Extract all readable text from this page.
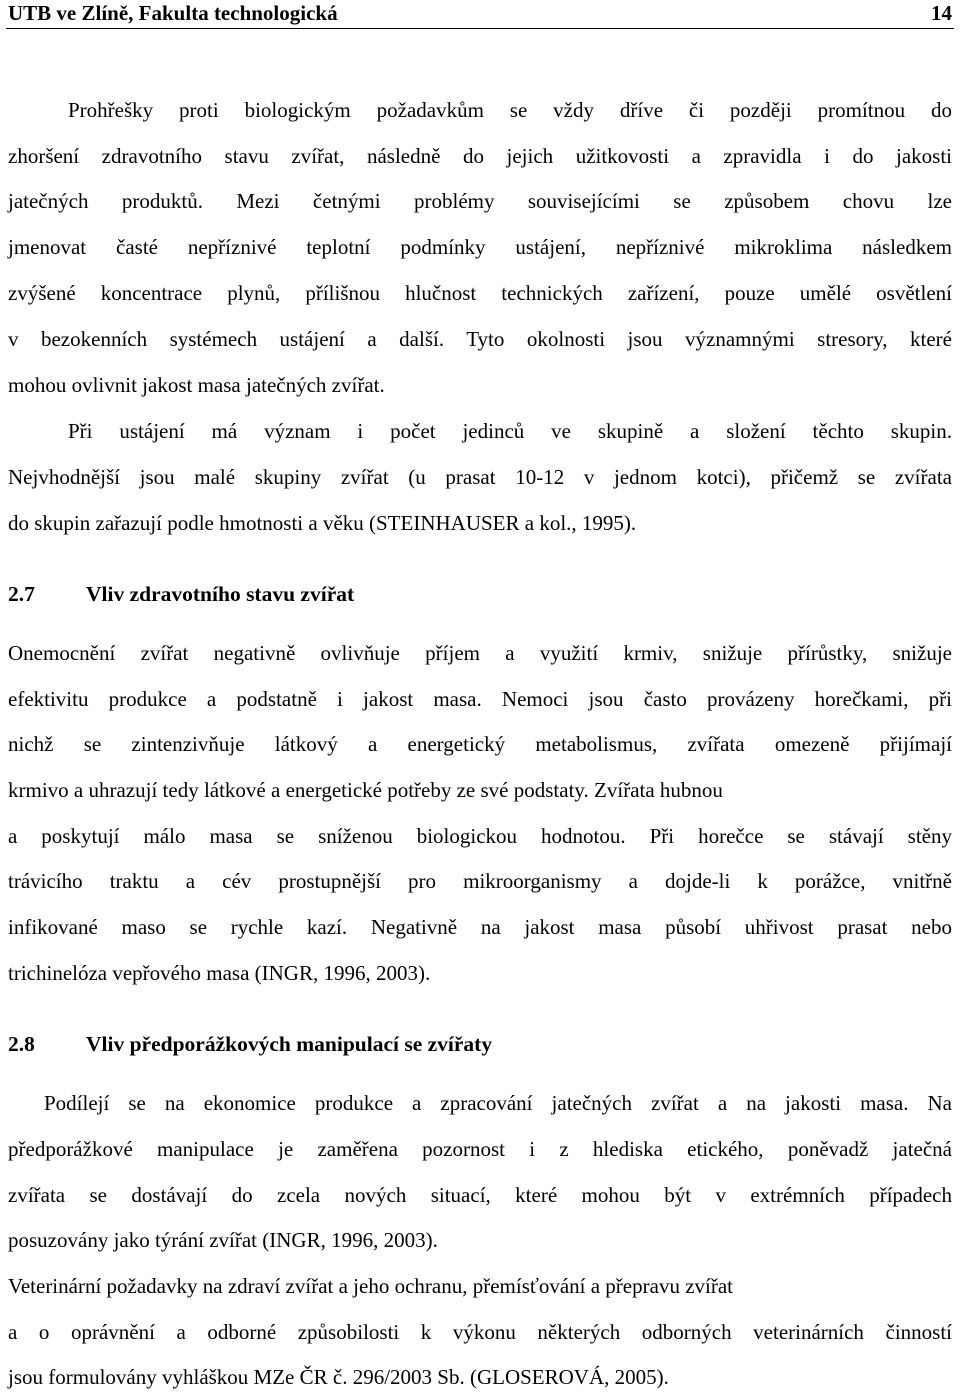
UTB ve Zlíně, Fakulta technologická	14
Prohřešky proti biologickým požadavkům se vždy dříve či později promítnou do
zhoršení zdravotního stavu zvířat, následně do jejich užitkovosti a zpravidla i do jakosti
jatečných produktů. Mezi četnými problémy souvisejícími se způsobem chovu lze
jmenovat časté nepříznivé teplotní podmínky ustájení, nepříznivé mikroklima následkem
zvýšené koncentrace plynů, přílišnou hlučnost technických zařízení, pouze umělé osvětlení
v bezokenních systémech ustájení a další. Tyto okolnosti jsou významnými stresory, které
mohou ovlivnit jakost masa jatečných zvířat.
Při ustájení má význam i počet jedinců ve skupině a složení těchto skupin.
Nejvhodnější jsou malé skupiny zvířat (u prasat 10-12 v jednom kotci), přičemž se zvířata
do skupin zařazují podle hmotnosti a věku (STEINHAUSER a kol., 1995).
2.7 Vliv zdravotního stavu zvířat
Onemocnění zvířat negativně ovlivňuje příjem a využití krmiv, snižuje přírůstky, snižuje
efektivitu produkce a podstatně i jakost masa. Nemoci jsou často provázeny horečkami, při
nichž se zintenzivňuje látkový a energetický metabolismus, zvířata omezeně přijímají
krmivo a uhrazují tedy látkové a energetické potřeby ze své podstaty. Zvířata hubnou
a poskytují málo masa se sníženou biologickou hodnotou. Při horečce se stávají stěny
trávicího traktu a cév prostupnější pro mikroorganismy a dojde-li k porážce, vnitřně
infikované maso se rychle kazí. Negativně na jakost masa působí uhřivost prasat nebo
trichinelóza vepřového masa (INGR, 1996, 2003).
2.8 Vliv předporážkových manipulací se zvířaty
Podílejí se na ekonomice produkce a zpracování jatečných zvířat a na jakosti masa. Na
předporážkové manipulace je zaměřena pozornost i z hlediska etického, poněvadž jatečná
zvířata se dostávají do zcela nových situací, které mohou být v extrémních případech
posuzovány jako týrání zvířat (INGR, 1996, 2003).
Veterinární požadavky na zdraví zvířat a jeho ochranu, přemísťování a přepravu zvířat
a o oprávnění a odborné způsobilosti k výkonu některých odborných veterinárních činností
jsou formulovány vyhláškou MZe ČR č. 296/2003 Sb. (GLOSEROVÁ, 2005).
